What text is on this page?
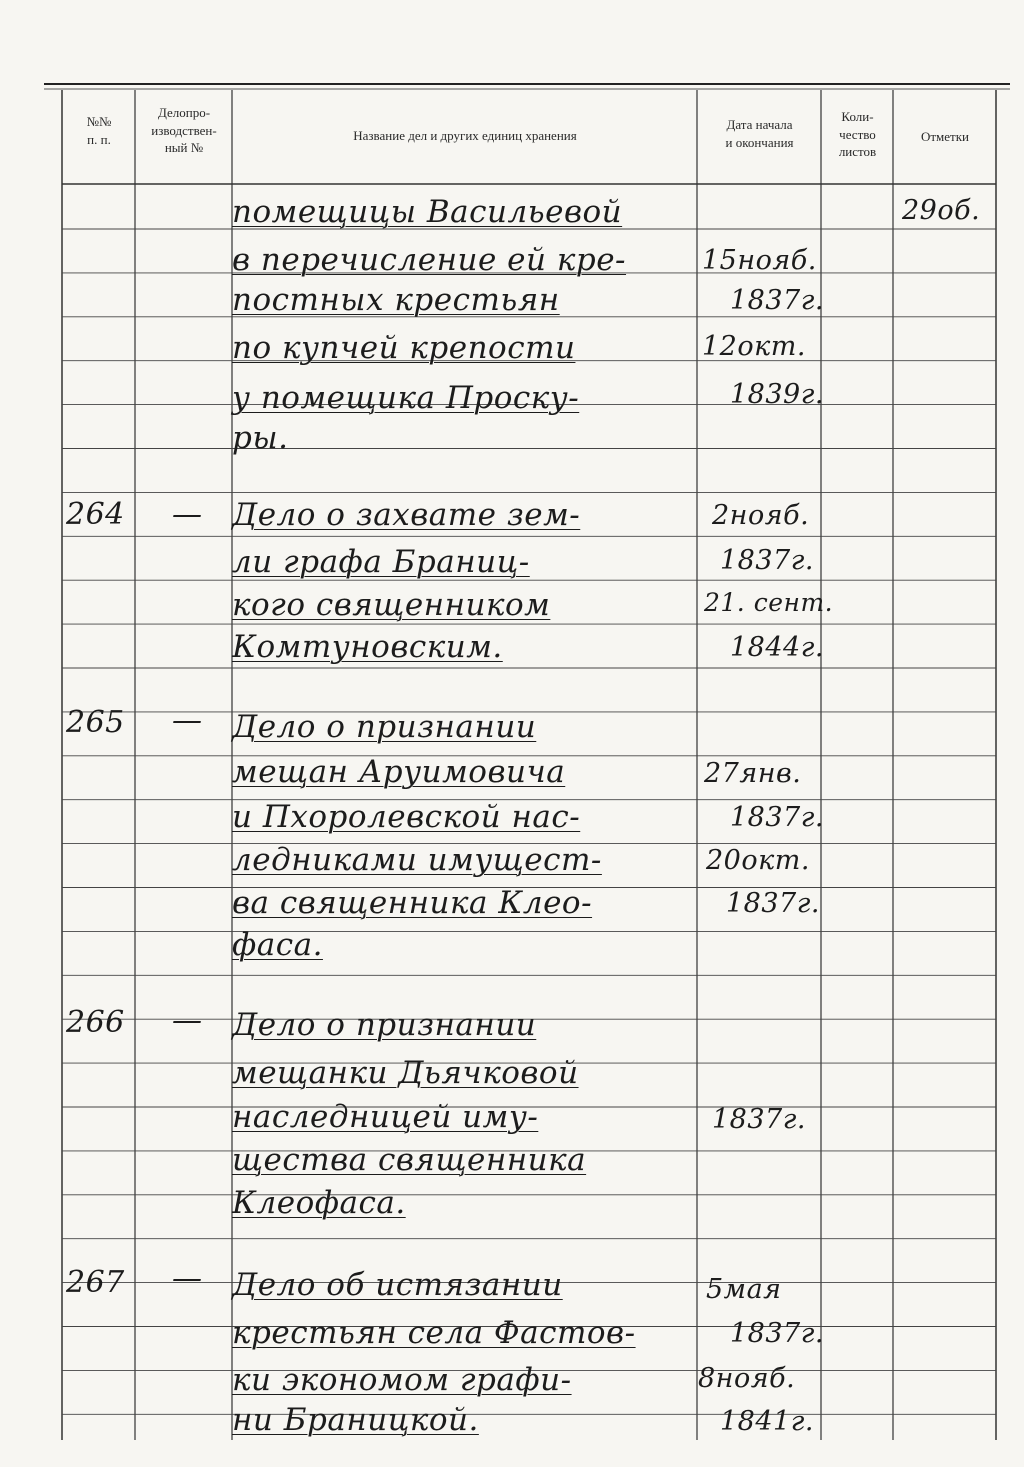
№№
п. п.
Делопро-
изводствен-
ный №
Название дел и других единиц хранения
Дата начала
и окончания
Коли-
чество
листов
Отметки
29об.
помещицы Васильевой
в перечисление ей кре-
постных крестьян
по купчей крепости
у помещика Проску-
ры.
15нояб.
1837г.
12окт.
1839г.
264 — Дело о захвате зем-
ли графа Браниц-
кого священником
Комтуновским.
2нояб.
1837г.
21. сент.
1844г.
265 — Дело о признании
мещан Аруимовича
и Пхоролевской нас-
ледниками имущест-
ва священника Клео-
фаса.
27янв.
1837г.
20окт.
1837г.
266 — Дело о признании
мещанки Дьячковой
наследницей иму-
щества священника
Клеофаса.
1837г.
267 — Дело об истязании
крестьян села Фастов-
ки экономом графи-
ни Браницкой.
5мая
1837г.
8нояб.
1841г.
